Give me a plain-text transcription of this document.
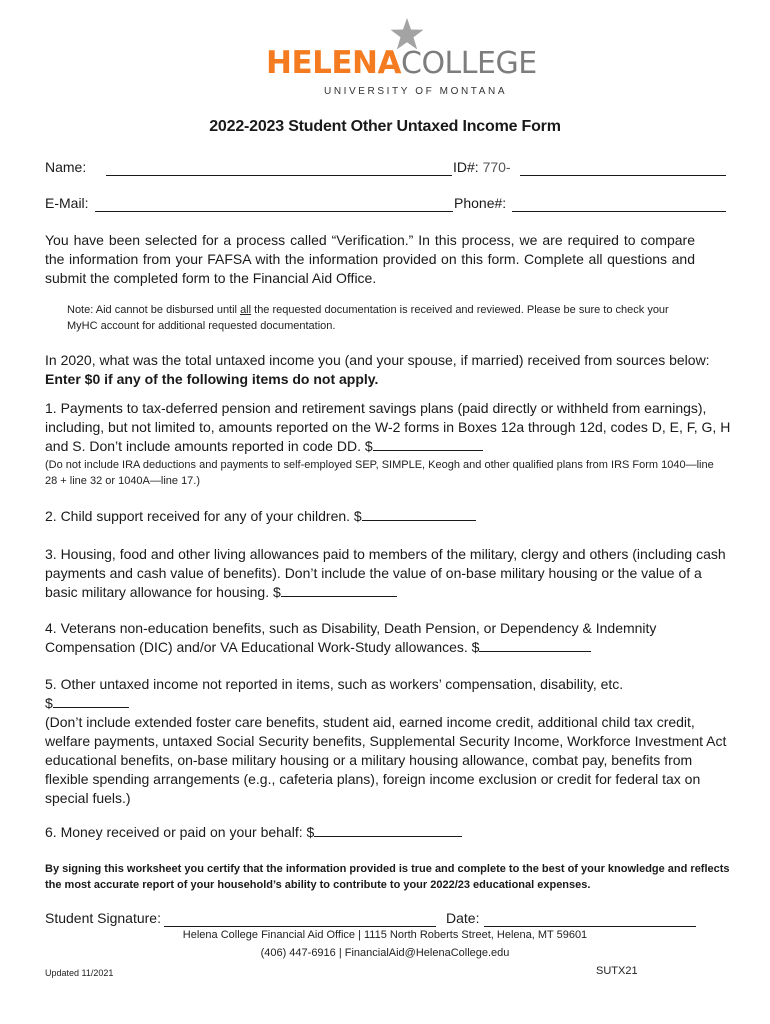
HELENACOLLEGE
UNIVERSITY OF MONTANA
2022-2023 Student Other Untaxed Income Form
Name:	ID#: 770-
E-Mail:	Phone#:
You have been selected for a process called “Verification.” In this process, we are required to compare the information from your FAFSA with the information provided on this form. Complete all questions and submit the completed form to the Financial Aid Office.
Note: Aid cannot be disbursed until all the requested documentation is received and reviewed. Please be sure to check your MyHC account for additional requested documentation.
In 2020, what was the total untaxed income you (and your spouse, if married) received from sources below:
Enter $0 if any of the following items do not apply.
1. Payments to tax-deferred pension and retirement savings plans (paid directly or withheld from earnings), including, but not limited to, amounts reported on the W-2 forms in Boxes 12a through 12d, codes D, E, F, G, H and S. Don’t include amounts reported in code DD. $
(Do not include IRA deductions and payments to self-employed SEP, SIMPLE, Keogh and other qualified plans from IRS Form 1040—line 28 + line 32 or 1040A—line 17.)
2. Child support received for any of your children. $
3. Housing, food and other living allowances paid to members of the military, clergy and others (including cash payments and cash value of benefits). Don’t include the value of on-base military housing or the value of a basic military allowance for housing. $
4. Veterans non-education benefits, such as Disability, Death Pension, or Dependency & Indemnity Compensation (DIC) and/or VA Educational Work-Study allowances. $
5. Other untaxed income not reported in items, such as workers’ compensation, disability, etc.
$
(Don’t include extended foster care benefits, student aid, earned income credit, additional child tax credit, welfare payments, untaxed Social Security benefits, Supplemental Security Income, Workforce Investment Act educational benefits, on-base military housing or a military housing allowance, combat pay, benefits from flexible spending arrangements (e.g., cafeteria plans), foreign income exclusion or credit for federal tax on special fuels.)
6. Money received or paid on your behalf: $
By signing this worksheet you certify that the information provided is true and complete to the best of your knowledge and reflects the most accurate report of your household’s ability to contribute to your 2022/23 educational expenses.
Student Signature:	Date:
Helena College Financial Aid Office | 1115 North Roberts Street, Helena, MT 59601
(406) 447-6916 | FinancialAid@HelenaCollege.edu
Updated 11/2021	SUTX21
